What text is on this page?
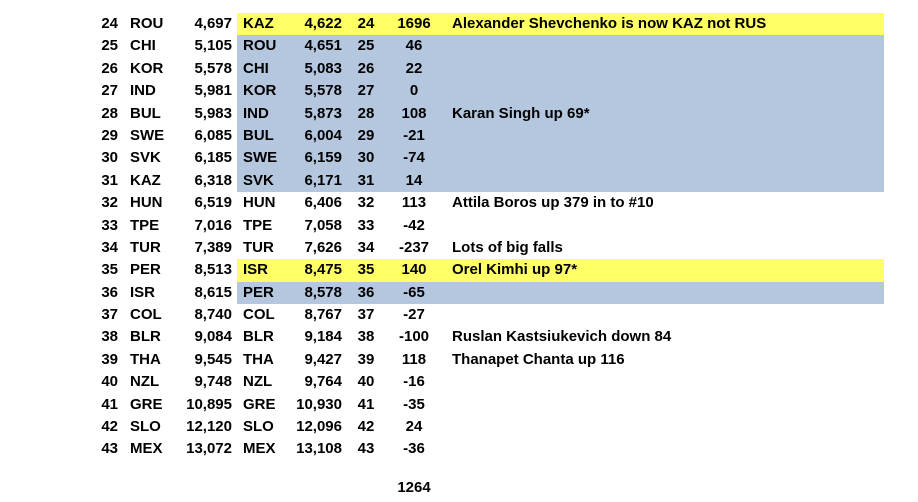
24 ROU	4,697 KAZ	4,622	24	1696	Alexander Shevchenko is now KAZ not RUS
25 CHI	5,105 ROU	4,651	25	46
26 KOR	5,578 CHI	5,083	26	22
27 IND	5,981 KOR	5,578	27	0
28 BUL	5,983 IND	5,873	28	108	Karan Singh up 69*
29 SWE	6,085 BUL	6,004	29	-21
30 SVK	6,185 SWE	6,159	30	-74
31 KAZ	6,318 SVK	6,171	31	14
32 HUN	6,519 HUN	6,406	32	113	Attila Boros up 379 in to #10
33 TPE	7,016 TPE	7,058	33	-42
34 TUR	7,389 TUR	7,626	34	-237	Lots of big falls
35 PER	8,513 ISR	8,475	35	140	Orel Kimhi up 97*
36 ISR	8,615 PER	8,578	36	-65
37 COL	8,740 COL	8,767	37	-27
38 BLR	9,084 BLR	9,184	38	-100	Ruslan Kastsiukevich down 84
39 THA	9,545 THA	9,427	39	118	Thanapet Chanta up 116
40 NZL	9,748 NZL	9,764	40	-16
41 GRE	10,895 GRE	10,930	41	-35
42 SLO	12,120 SLO	12,096	42	24
43 MEX	13,072 MEX	13,108	43	-36
1264
